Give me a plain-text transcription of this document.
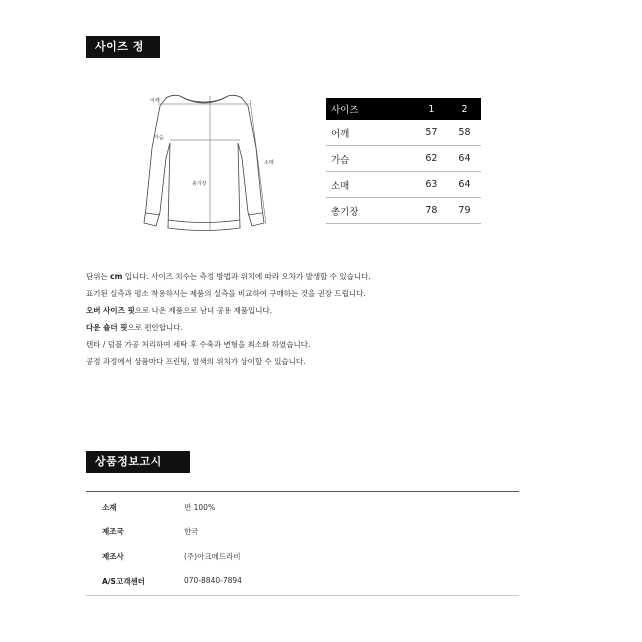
사이즈 정보
어깨
가슴
소매
총기장
사이즈	1	2
어깨	57	58
가슴	62	64
소매	63	64
총기장	78	79

단위는 cm 입니다. 사이즈 치수는 측정 방법과 위치에 따라 오차가 발생할 수 있습니다.

표기된 실측과 평소 착용하시는 제품의 실측을 비교하여 구매하는 것을 권장 드립니다.

오버 사이즈 핏으로 나온 제품으로 남녀 공용 제품입니다.

다운 숄더 핏으로 편안합니다.

텐타 / 덤블 가공 처리하여 세탁 후 수축과 변형을 최소화 하였습니다.

공정 과정에서 상품마다 프린팅, 염색의 위치가 상이할 수 있습니다.

상품정보고시
소재	면 100%
제조국	한국
제조사	(주)아크메드라비
A/S고객센터	070-8840-7894
